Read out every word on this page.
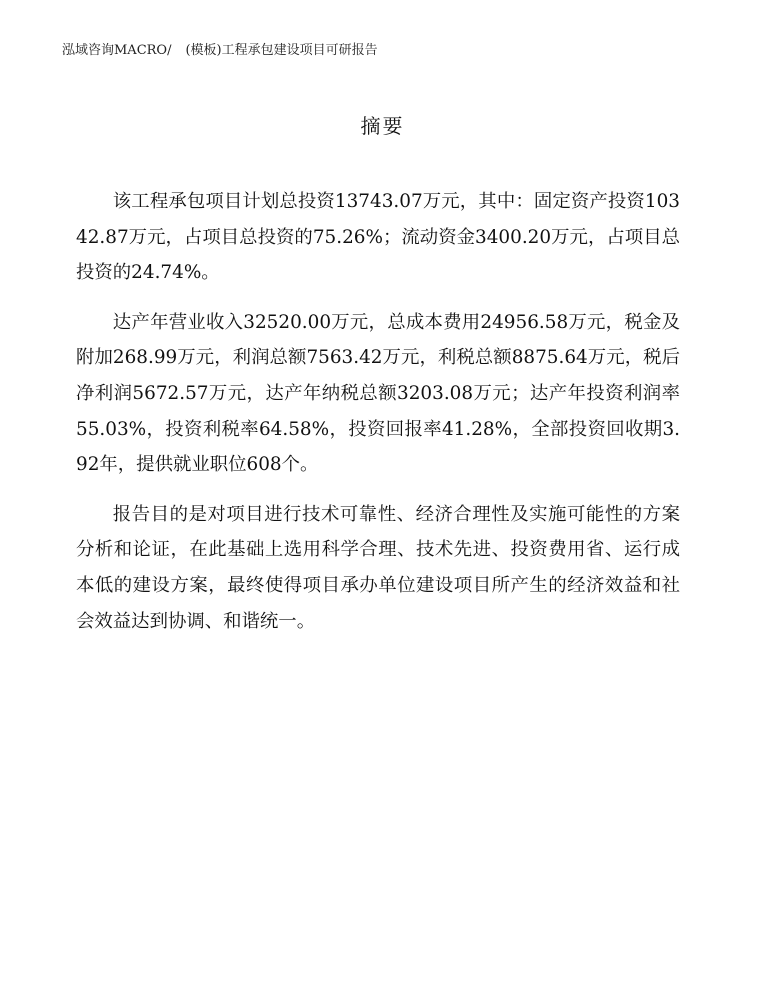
泓域咨询MACRO/ (模板)工程承包建设项目可研报告
摘要

该工程承包项目计划总投资13743.07万元，其中：固定资产投资10342.87万元，占项目总投资的75.26%；流动资金3400.20万元，占项目总投资的24.74%。

达产年营业收入32520.00万元，总成本费用24956.58万元，税金及附加268.99万元，利润总额7563.42万元，利税总额8875.64万元，税后净利润5672.57万元，达产年纳税总额3203.08万元；达产年投资利润率55.03%，投资利税率64.58%，投资回报率41.28%，全部投资回收期3.92年，提供就业职位608个。

报告目的是对项目进行技术可靠性、经济合理性及实施可能性的方案分析和论证，在此基础上选用科学合理、技术先进、投资费用省、运行成本低的建设方案，最终使得项目承办单位建设项目所产生的经济效益和社会效益达到协调、和谐统一。
